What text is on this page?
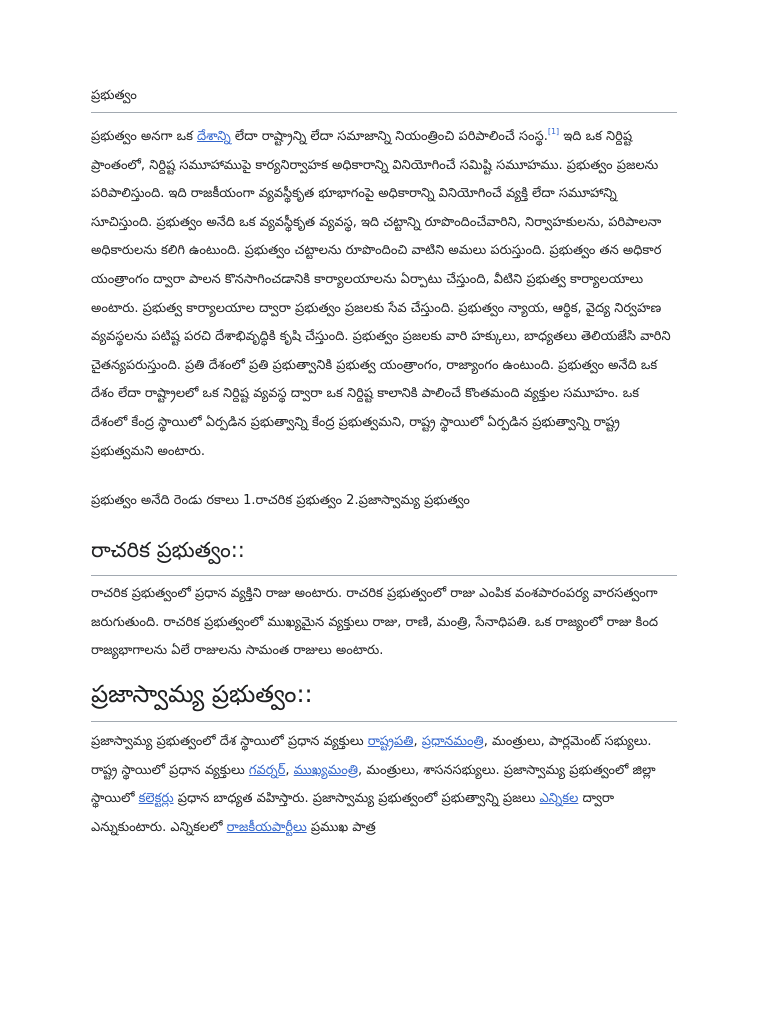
ప్రభుత్వం

ప్రభుత్వం అనగా ఒక దేశాన్ని లేదా రాష్ట్రాన్ని లేదా సమాజాన్ని నియంత్రించి పరిపాలించే సంస్థ.[1] ఇది ఒక నిర్దిష్ట ప్రాంతంలో, నిర్దిష్ట సమూహాముపై కార్యనిర్వాహక అధికారాన్ని వినియోగించే సమిష్టి సమూహము. ప్రభుత్వం ప్రజలను పరిపాలిస్తుంది. ఇది రాజకీయంగా వ్యవస్థీకృత భూభాగంపై అధికారాన్ని వినియోగించే వ్యక్తి లేదా సమూహాన్ని సూచిస్తుంది. ప్రభుత్వం అనేది ఒక వ్యవస్థీకృత వ్యవస్థ, ఇది చట్టాన్ని రూపొందించేవారిని, నిర్వాహకులను, పరిపాలనా అధికారులను కలిగి ఉంటుంది. ప్రభుత్వం చట్టాలను రూపొందించి వాటిని అమలు పరుస్తుంది. ప్రభుత్వం తన అధికార యంత్రాంగం ద్వారా పాలన కొనసాగించడానికి కార్యాలయాలను ఏర్పాటు చేస్తుంది, వీటిని ప్రభుత్వ కార్యాలయాలు అంటారు. ప్రభుత్వ కార్యాలయాల ద్వారా ప్రభుత్వం ప్రజలకు సేవ చేస్తుంది. ప్రభుత్వం న్యాయ, ఆర్థిక, వైద్య నిర్వహణ వ్యవస్థలను పటిష్ట పరచి దేశాభివృద్ధికి కృషి చేస్తుంది. ప్రభుత్వం ప్రజలకు వారి హక్కులు, బాధ్యతలు తెలియజేసి వారిని చైతన్యపరుస్తుంది. ప్రతి దేశంలో ప్రతి ప్రభుత్వానికి ప్రభుత్వ యంత్రాంగం, రాజ్యాంగం ఉంటుంది. ప్రభుత్వం అనేది ఒక దేశం లేదా రాష్ట్రాలలో ఒక నిర్దిష్ట వ్యవస్థ ద్వారా ఒక నిర్దిష్ట కాలానికి పాలించే కొంతమంది వ్యక్తుల సమూహం. ఒక దేశంలో కేంద్ర స్థాయిలో ఏర్పడిన ప్రభుత్వాన్ని కేంద్ర ప్రభుత్వమని, రాష్ట్ర స్థాయిలో ఏర్పడిన ప్రభుత్వాన్ని రాష్ట్ర ప్రభుత్వమని అంటారు.

ప్రభుత్వం అనేది రెండు రకాలు 1.రాచరిక ప్రభుత్వం 2.ప్రజాస్వామ్య ప్రభుత్వం

రాచరిక ప్రభుత్వం::

రాచరిక ప్రభుత్వంలో ప్రధాన వ్యక్తిని రాజు అంటారు. రాచరిక ప్రభుత్వంలో రాజు ఎంపిక వంశపారంపర్య వారసత్వంగా జరుగుతుంది. రాచరిక ప్రభుత్వంలో ముఖ్యమైన వ్యక్తులు రాజు, రాణి, మంత్రి, సేనాధిపతి. ఒక రాజ్యంలో రాజు కింద రాజ్యభాగాలను ఏలే రాజులను సామంత రాజులు అంటారు.

ప్రజాస్వామ్య ప్రభుత్వం::

ప్రజాస్వామ్య ప్రభుత్వంలో దేశ స్థాయిలో ప్రధాన వ్యక్తులు రాష్ట్రపతి, ప్రధానమంత్రి, మంత్రులు, పార్లమెంట్ సభ్యులు. రాష్ట్ర స్థాయిలో ప్రధాన వ్యక్తులు గవర్నర్, ముఖ్యమంత్రి, మంత్రులు, శాసనసభ్యులు. ప్రజాస్వామ్య ప్రభుత్వంలో జిల్లా స్థాయిలో కలెక్టర్లు ప్రధాన బాధ్యత వహిస్తారు. ప్రజాస్వామ్య ప్రభుత్వంలో ప్రభుత్వాన్ని ప్రజలు ఎన్నికల ద్వారా ఎన్నుకుంటారు. ఎన్నికలలో రాజకీయపార్టీలు ప్రముఖ పాత్ర
